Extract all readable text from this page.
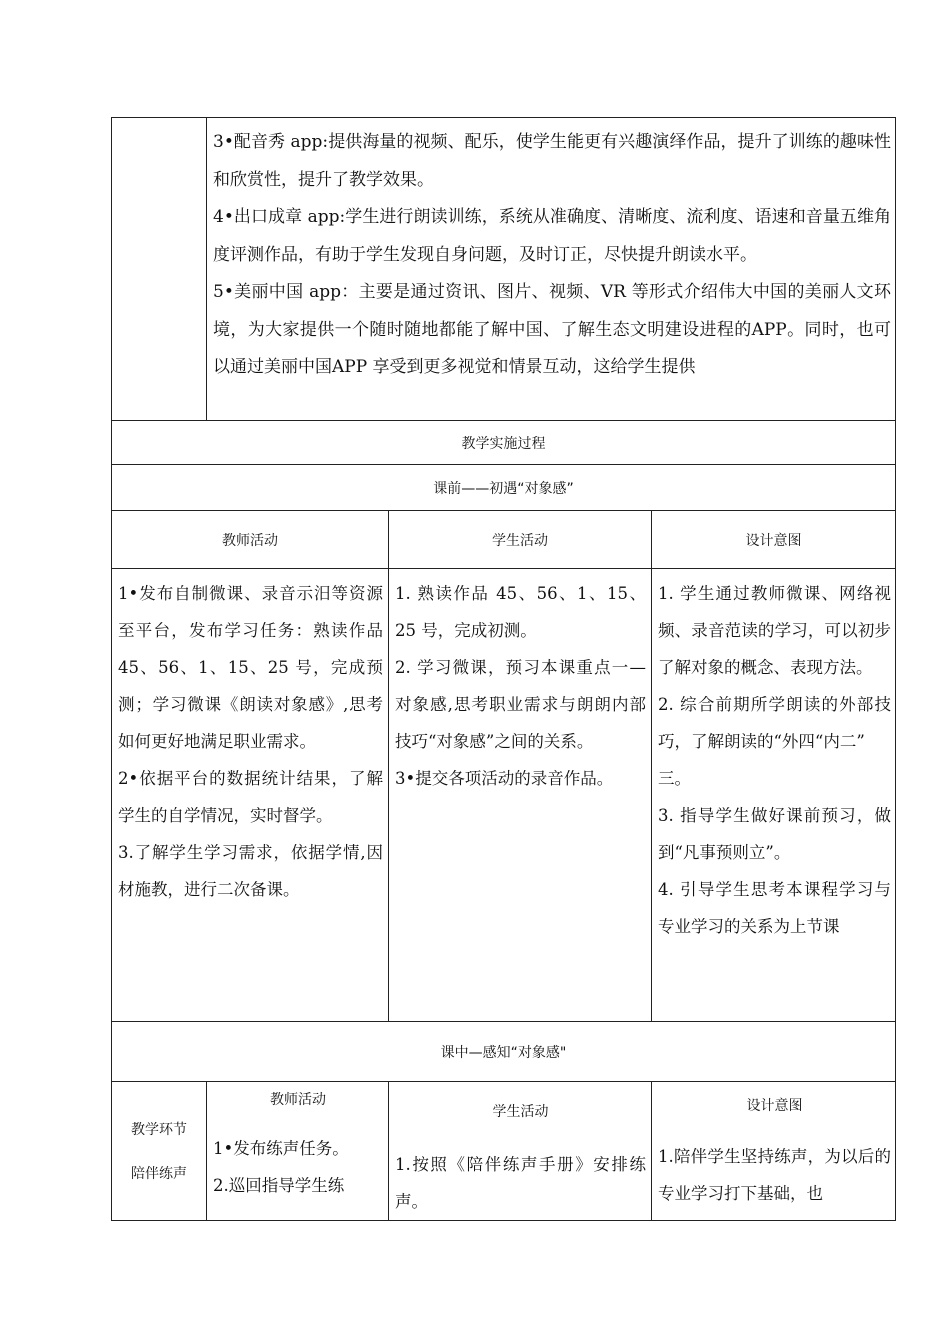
3•配音秀 app:提供海量的视频、配乐，使学生能更有兴趣演绎作品，提升了训练的趣味性和欣赏性，提升了教学效果。

4•出口成章 app:学生进行朗读训练，系统从准确度、清晰度、流利度、语速和音量五维角度评测作品，有助于学生发现自身问题，及时订正，尽快提升朗读水平。

5•美丽中国 app：主要是通过资讯、图片、视频、VR 等形式介绍伟大中国的美丽人文环境，为大家提供一个随时随地都能了解中国、了解生态文明建设进程的APP。同时，也可以通过美丽中国APP 享受到更多视觉和情景互动，这给学生提供

教学实施过程
课前——初遇“对象感”
教师活动	学生活动	设计意图

1•发布自制微课、录音示汨等资源至平台，发布学习任务：熟读作品 45、56、1、15、25 号，完成预测；学习微课《朗读对象感》,思考如何更好地满足职业需求。

2•依据平台的数据统计结果，了解学生的自学情况，实时督学。

3.了解学生学习需求，依据学情,因材施教，进行二次备课。

1. 熟读作品 45、56、1、15、25 号，完成初测。

2. 学习微课，预习本课重点一—对象感,思考职业需求与朗朗内部技巧“对象感”之间的关系。

3•提交各项活动的录音作品。

1. 学生通过教师微课、网络视频、录音范读的学习，可以初步了解对象的概念、表现方法。

2. 综合前期所学朗读的外部技巧，了解朗读的“外四“内二”

三。

3. 指导学生做好课前预习，做到“凡事预则立”。

4. 引导学生思考本课程学习与专业学习的关系为上节课

课中—感知“对象感"
教学环节
陪伴练声
教师活动

1•发布练声任务。

2.巡回指导学生练

学生活动

1.按照《陪伴练声手册》安排练声。

设计意图

1.陪伴学生坚持练声，为以后的专业学习打下基础，也
